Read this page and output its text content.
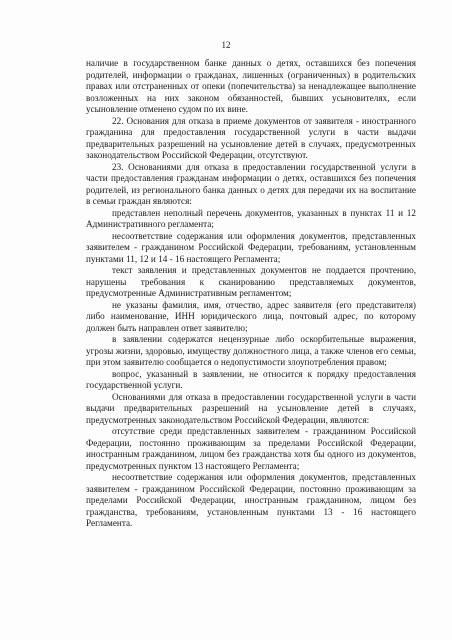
12

наличие в государственном банке данных о детях, оставшихся без попечения родителей, информации о гражданах, лишенных (ограниченных) в родительских правах или отстраненных от опеки (попечительства) за ненадлежащее выполнение возложенных на них законом обязанностей, бывших усыновителях, если усыновление отменено судом по их вине.

22. Основания для отказа в приеме документов от заявителя - иностранного гражданина для предоставления государственной услуги в части выдачи предварительных разрешений на усыновление детей в случаях, предусмотренных законодательством Российской Федерации, отсутствуют.

23. Основаниями для отказа в предоставлении государственной услуги в части предоставления гражданам информации о детях, оставшихся без попечения родителей, из регионального банка данных о детях для передачи их на воспитание в семьи граждан являются:

представлен неполный перечень документов, указанных в пунктах 11 и 12 Административного регламента;

несоответствие содержания или оформления документов, представленных заявителем - гражданином Российской Федерации, требованиям, установленным пунктами 11, 12 и 14 - 16 настоящего Регламента;

текст заявления и представленных документов не поддается прочтению, нарушены требования к сканированию представляемых документов, предусмотренные Административным регламентом;

не указаны фамилия, имя, отчество, адрес заявителя (его представителя) либо наименование, ИНН юридического лица, почтовый адрес, по которому должен быть направлен ответ заявителю;

в заявлении содержатся нецензурные либо оскорбительные выражения, угрозы жизни, здоровью, имуществу должностного лица, а также членов его семьи, при этом заявителю сообщается о недопустимости злоупотребления правом;

вопрос, указанный в заявлении, не относится к порядку предоставления государственной услуги.

Основаниями для отказа в предоставлении государственной услуги в части выдачи предварительных разрешений на усыновление детей в случаях, предусмотренных законодательством Российской Федерации, являются:

отсутствие среди представленных заявителем - гражданином Российской Федерации, постоянно проживающим за пределами Российской Федерации, иностранным гражданином, лицом без гражданства хотя бы одного из документов, предусмотренных пунктом 13 настоящего Регламента;

несоответствие содержания или оформления документов, представленных заявителем - гражданином Российской Федерации, постоянно проживающим за пределами Российской Федерации, иностранным гражданином, лицом без гражданства, требованиям, установленным пунктами 13 - 16 настоящего Регламента.
